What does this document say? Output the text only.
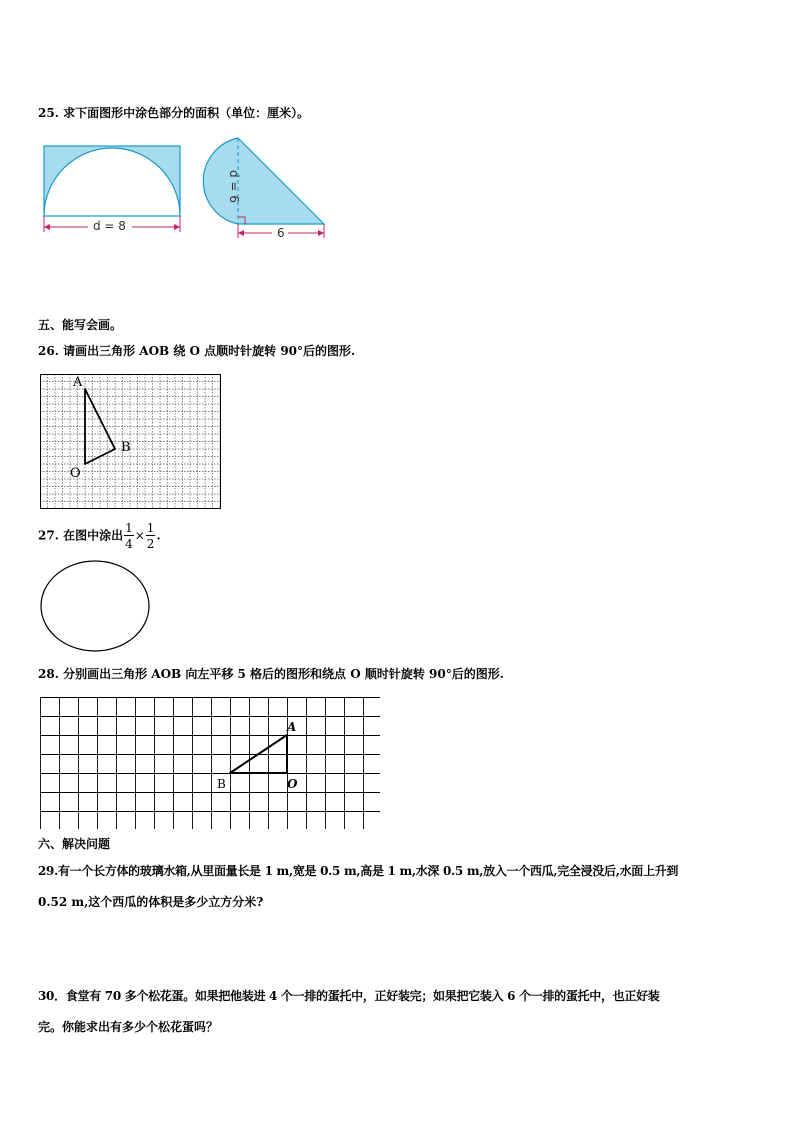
25. 求下面图形中涂色部分的面积（单位：厘米）。
d = 8
d = 6
6
五、能写会画。
26. 请画出三角形 AOB 绕 O 点顺时针旋转 90°后的图形.
A
B
O
27. 在图中涂出 $\frac{1}{4} \times \frac{1}{2}$ .
28. 分别画出三角形 AOB 向左平移 5 格后的图形和绕点 O 顺时针旋转 90°后的图形.
A
B	O
六、解决问题
29.有一个长方体的玻璃水箱,从里面量长是 1 m,宽是 0.5 m,高是 1 m,水深 0.5 m,放入一个西瓜,完全浸没后,水面上升到
0.52 m,这个西瓜的体积是多少立方分米?
30．食堂有 70 多个松花蛋。如果把他装进 4 个一排的蛋托中，正好装完；如果把它装入 6 个一排的蛋托中，也正好装
完。你能求出有多少个松花蛋吗？
